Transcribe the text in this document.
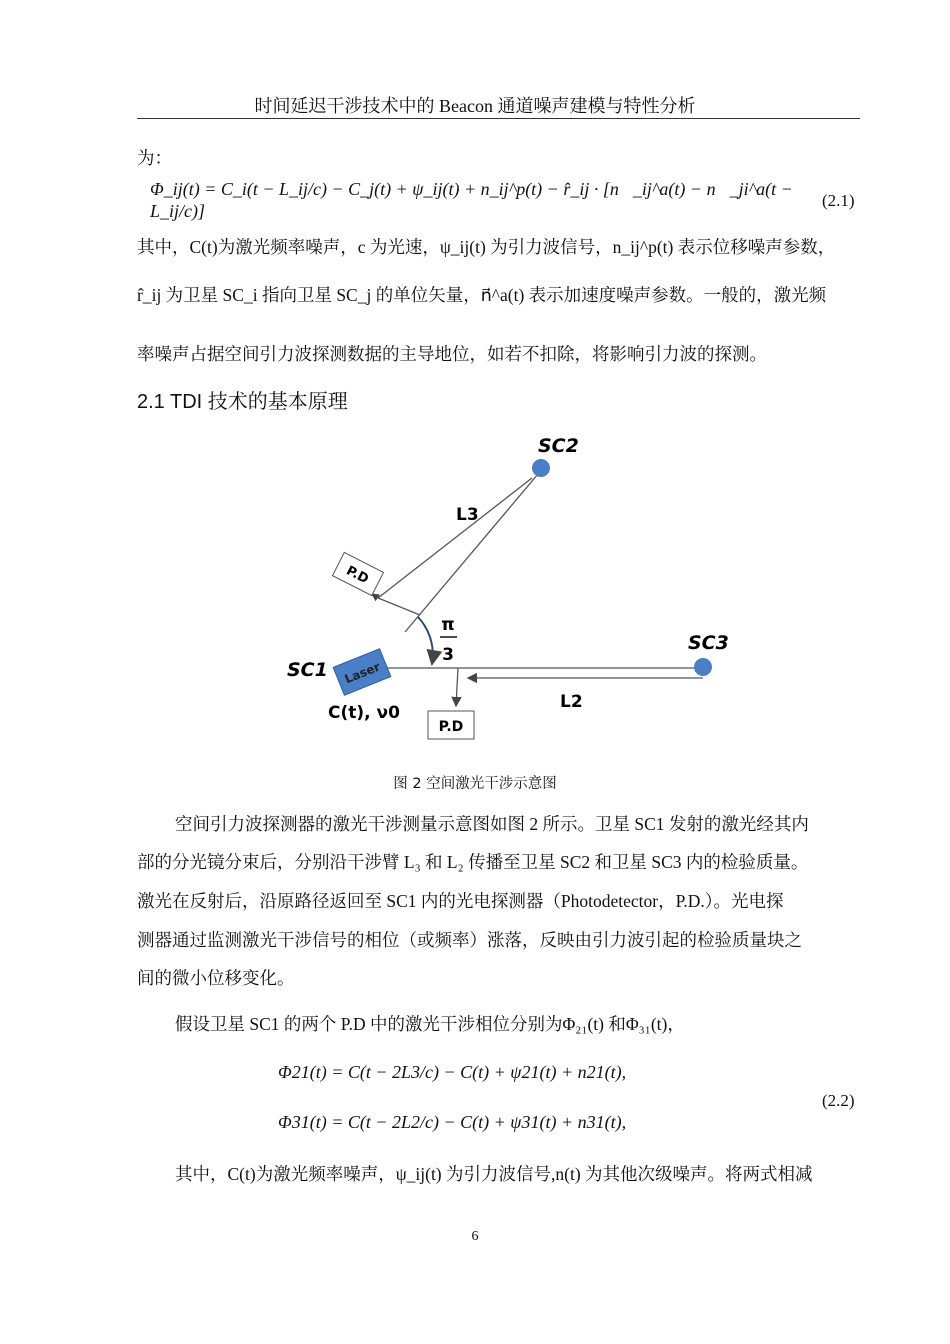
时间延迟干涉技术中的 Beacon 通道噪声建模与特性分析
为：
Φ_ij(t) = C_i(t − L_ij/c) − C_j(t) + ψ_ij(t) + n_ij^p(t) − r̂_ij · [n⃗_ij^a(t) − n⃗_ji^a(t − L_ij/c)]
(2.1)
其中，C(t)为激光频率噪声，c 为光速，ψ_ij(t) 为引力波信号，n_ij^p(t) 表示位移噪声参数，
r̂_ij 为卫星 SC_i 指向卫星 SC_j 的单位矢量，n⃗^a(t) 表示加速度噪声参数。一般的，激光频
率噪声占据空间引力波探测数据的主导地位，如若不扣除，将影响引力波的探测。
2.1 TDI 技术的基本原理
Laser
P.D
P.D
SC2
SC3
SC1
L3
L2
π
3
C(t), ν0
图 2 空间激光干涉示意图
空间引力波探测器的激光干涉测量示意图如图 2 所示。卫星 SC1 发射的激光经其内
部的分光镜分束后，分别沿干涉臂 L₃ 和 L₂ 传播至卫星 SC2 和卫星 SC3 内的检验质量。
激光在反射后，沿原路径返回至 SC1 内的光电探测器（Photodetector，P.D.）。光电探
测器通过监测激光干涉信号的相位（或频率）涨落，反映由引力波引起的检验质量块之
间的微小位移变化。
假设卫星 SC1 的两个 P.D 中的激光干涉相位分别为Φ₂₁(t) 和Φ₃₁(t)，
Φ21(t) = C(t − 2L3/c) − C(t) + ψ21(t) + n21(t),
Φ31(t) = C(t − 2L2/c) − C(t) + ψ31(t) + n31(t),
(2.2)
其中，C(t)为激光频率噪声，ψ_ij(t) 为引力波信号,n(t) 为其他次级噪声。将两式相减
6
